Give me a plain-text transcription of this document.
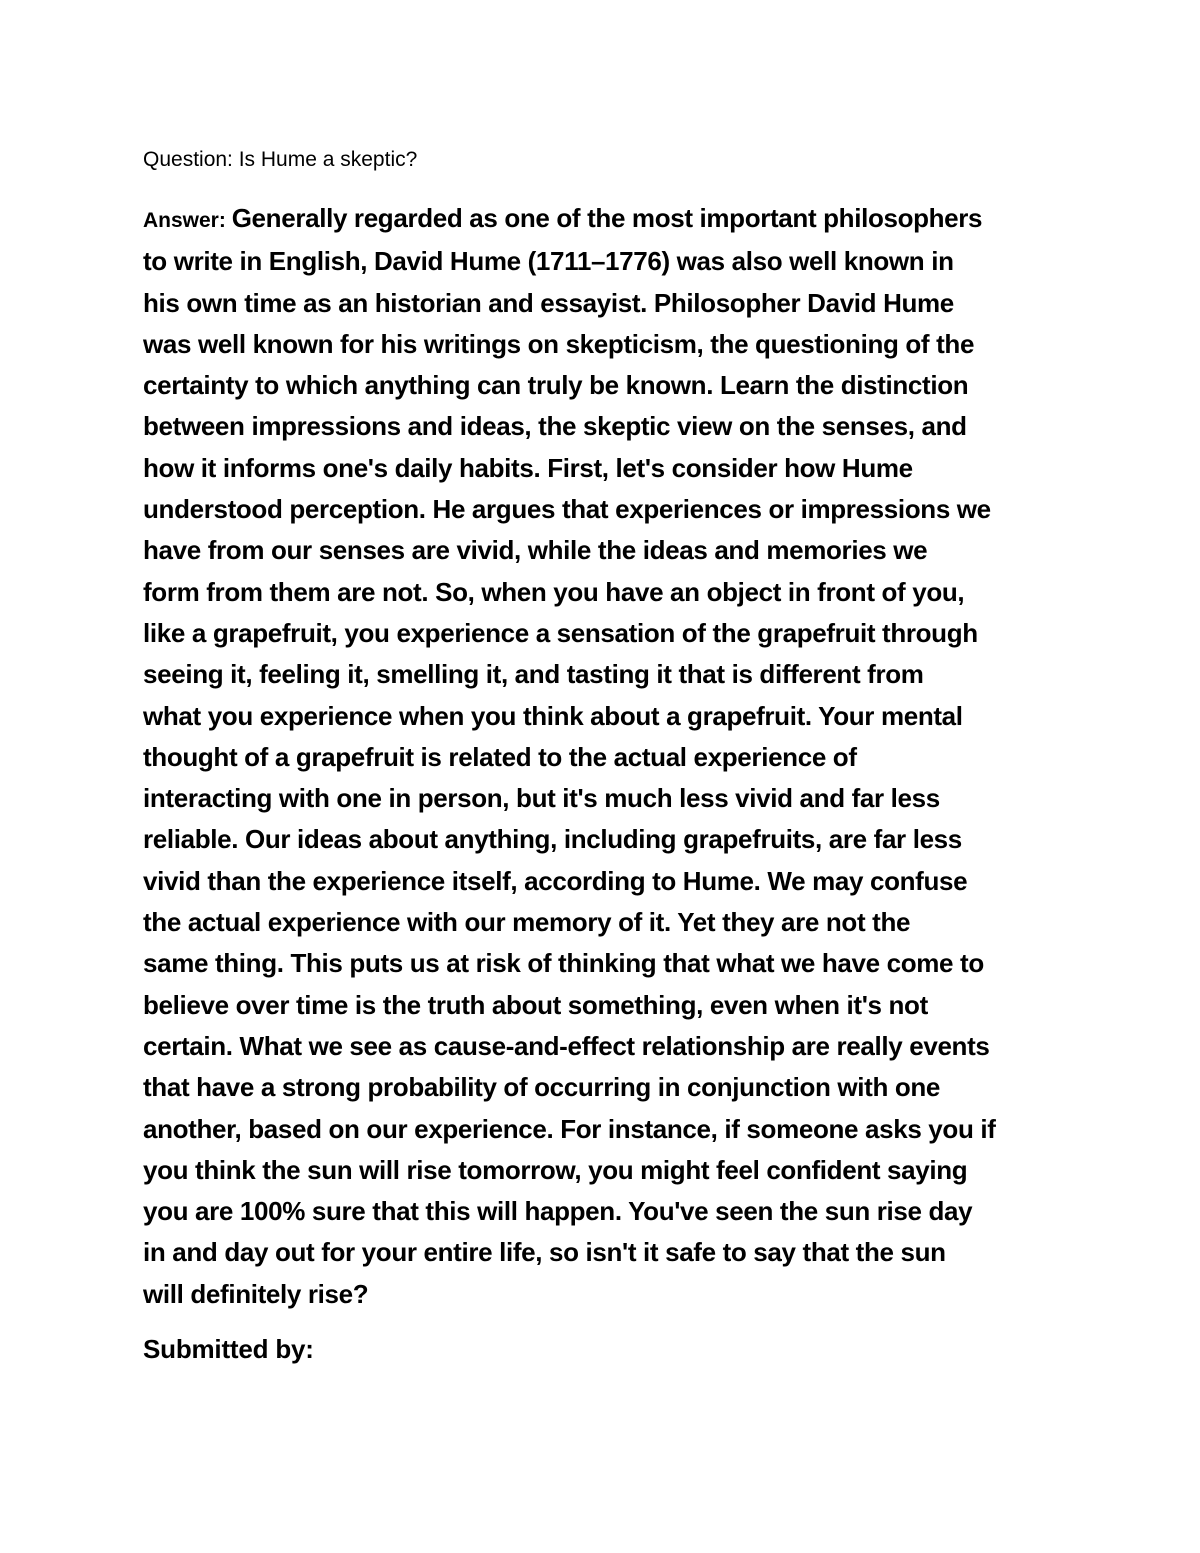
Question: Is Hume a skeptic?
Answer: Generally regarded as one of the most important philosophers
to write in English, David Hume (1711–1776) was also well known in
his own time as an historian and essayist. Philosopher David Hume
was well known for his writings on skepticism, the questioning of the
certainty to which anything can truly be known. Learn the distinction
between impressions and ideas, the skeptic view on the senses, and
how it informs one's daily habits. First, let's consider how Hume
understood perception. He argues that experiences or impressions we
have from our senses are vivid, while the ideas and memories we
form from them are not. So, when you have an object in front of you,
like a grapefruit, you experience a sensation of the grapefruit through
seeing it, feeling it, smelling it, and tasting it that is different from
what you experience when you think about a grapefruit. Your mental
thought of a grapefruit is related to the actual experience of
interacting with one in person, but it's much less vivid and far less
reliable. Our ideas about anything, including grapefruits, are far less
vivid than the experience itself, according to Hume. We may confuse
the actual experience with our memory of it. Yet they are not the
same thing. This puts us at risk of thinking that what we have come to
believe over time is the truth about something, even when it's not
certain. What we see as cause-and-effect relationship are really events
that have a strong probability of occurring in conjunction with one
another, based on our experience. For instance, if someone asks you if
you think the sun will rise tomorrow, you might feel confident saying
you are 100% sure that this will happen. You've seen the sun rise day
in and day out for your entire life, so isn't it safe to say that the sun
will definitely rise?
Submitted by:
